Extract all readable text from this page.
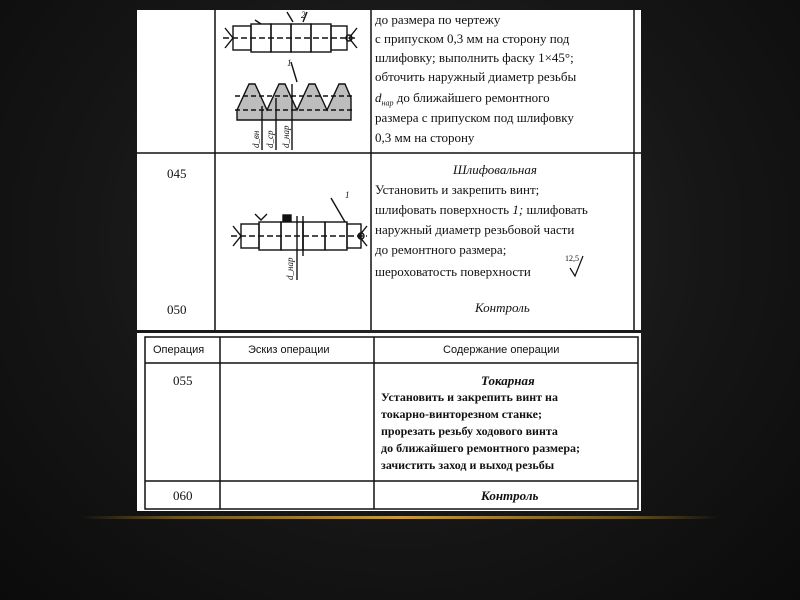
1
2
d_вн d_ср d_нар
до размера по чертежу
с припуском 0,3 мм на сторону под
шлифовку; выполнить фаску 1×45°;
обточить наружный диаметр резьбы
$d_{нар}$ до ближайшего ремонтного
размера с припуском под шлифовку
0,3 мм на сторону
045	Шлифовальная
Установить и закрепить винт;
шлифовать поверхность 1; шлифовать
наружный диаметр резьбовой части
до ремонтного размера;
шероховатость поверхности
12,5
1
d_нар
050	Контроль
Операция	Эскиз операции	Содержание операции
055	Токарная
Установить и закрепить винт на
токарно-винторезном станке;
прорезать резьбу ходового винта
до ближайшего ремонтного размера;
зачистить заход и выход резьбы
060	Контроль
